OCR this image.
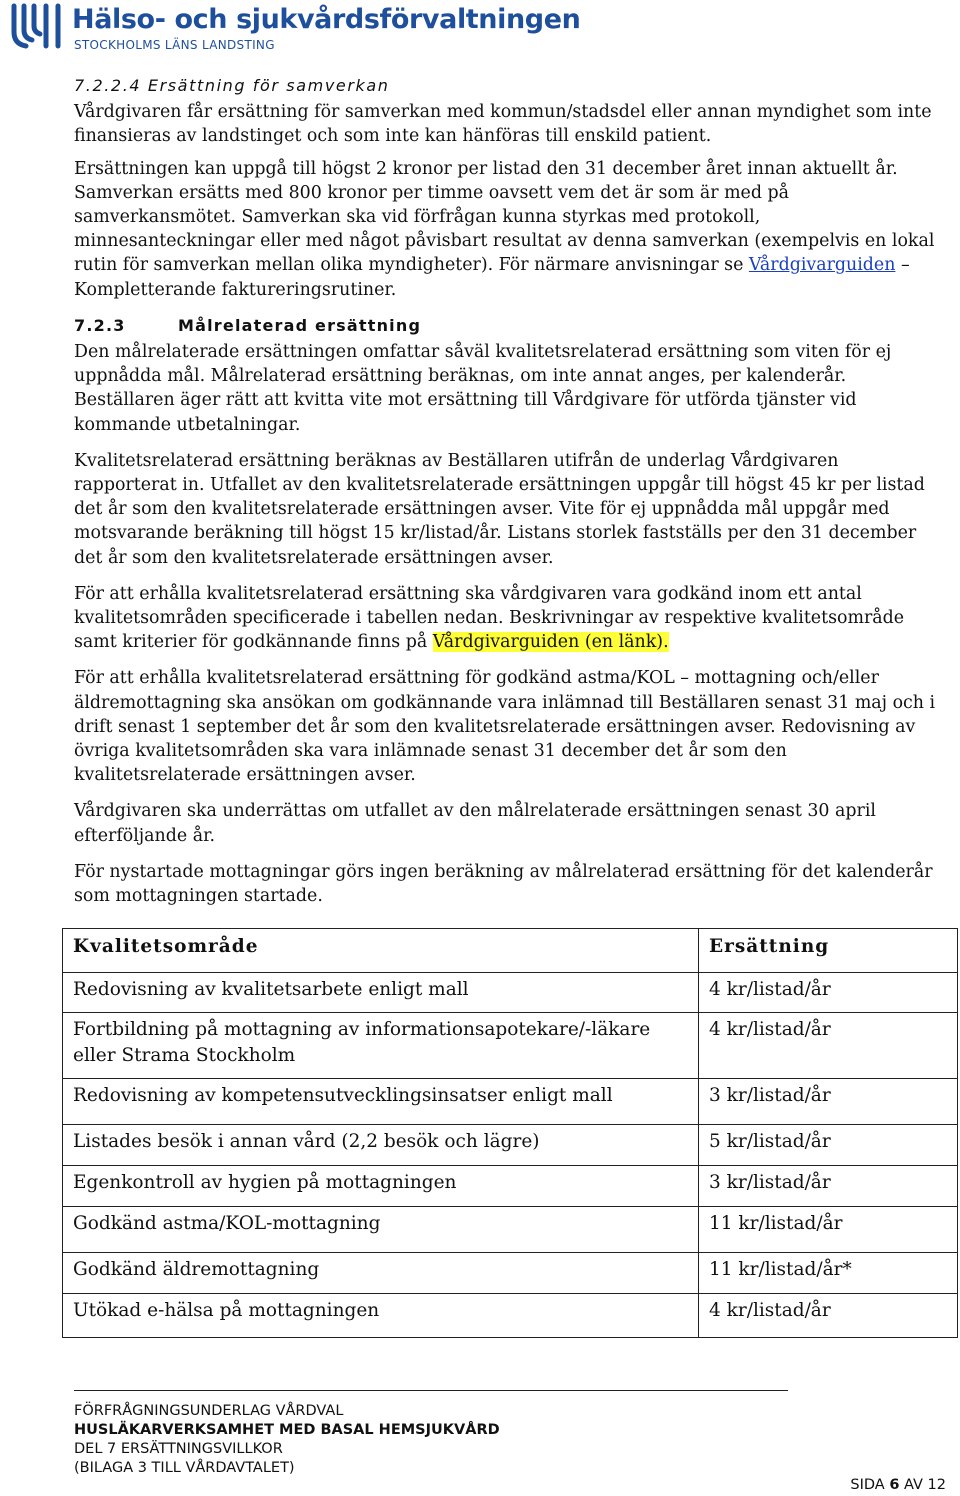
Hälso- och sjukvårdsförvaltningen
STOCKHOLMS LÄNS LANDSTING
7.2.2.4 Ersättning för samverkan

Vårdgivaren får ersättning för samverkan med kommun/stadsdel eller annan myndighet som inte finansieras av landstinget och som inte kan hänföras till enskild patient.

Ersättningen kan uppgå till högst 2 kronor per listad den 31 december året innan aktuellt år. Samverkan ersätts med 800 kronor per timme oavsett vem det är som är med på samverkansmötet. Samverkan ska vid förfrågan kunna styrkas med protokoll, minnesanteckningar eller med något påvisbart resultat av denna samverkan (exempelvis en lokal rutin för samverkan mellan olika myndigheter). För närmare anvisningar se Vårdgivarguiden – Kompletterande faktureringsrutiner.

7.2.3	Målrelaterad ersättning

Den målrelaterade ersättningen omfattar såväl kvalitetsrelaterad ersättning som viten för ej uppnådda mål. Målrelaterad ersättning beräknas, om inte annat anges, per kalenderår. Beställaren äger rätt att kvitta vite mot ersättning till Vårdgivare för utförda tjänster vid kommande utbetalningar.

Kvalitetsrelaterad ersättning beräknas av Beställaren utifrån de underlag Vårdgivaren rapporterat in. Utfallet av den kvalitetsrelaterade ersättningen uppgår till högst 45 kr per listad det år som den kvalitetsrelaterade ersättningen avser. Vite för ej uppnådda mål uppgår med motsvarande beräkning till högst 15 kr/listad/år. Listans storlek fastställs per den 31 december det år som den kvalitetsrelaterade ersättningen avser.

För att erhålla kvalitetsrelaterad ersättning ska vårdgivaren vara godkänd inom ett antal kvalitetsområden specificerade i tabellen nedan. Beskrivningar av respektive kvalitetsområde samt kriterier för godkännande finns på Vårdgivarguiden (en länk).

För att erhålla kvalitetsrelaterad ersättning för godkänd astma/KOL – mottagning och/eller äldremottagning ska ansökan om godkännande vara inlämnad till Beställaren senast 31 maj och i drift senast 1 september det år som den kvalitetsrelaterade ersättningen avser. Redovisning av övriga kvalitetsområden ska vara inlämnade senast 31 december det år som den kvalitetsrelaterade ersättningen avser.

Vårdgivaren ska underrättas om utfallet av den målrelaterade ersättningen senast 30 april efterföljande år.

För nystartade mottagningar görs ingen beräkning av målrelaterad ersättning för det kalenderår som mottagningen startade.

Kvalitetsområde	Ersättning
Redovisning av kvalitetsarbete enligt mall	4 kr/listad/år
Fortbildning på mottagning av informationsapotekare/-läkare eller Strama Stockholm	4 kr/listad/år
Redovisning av kompetensutvecklingsinsatser enligt mall	3 kr/listad/år
Listades besök i annan vård (2,2 besök och lägre)	5 kr/listad/år
Egenkontroll av hygien på mottagningen	3 kr/listad/år
Godkänd astma/KOL-mottagning	11 kr/listad/år
Godkänd äldremottagning	11 kr/listad/år*
Utökad e-hälsa på mottagningen	4 kr/listad/år
FÖRFRÅGNINGSUNDERLAG VÅRDVAL
HUSLÄKARVERKSAMHET MED BASAL HEMSJUKVÅRD
DEL 7 ERSÄTTNINGSVILLKOR
(BILAGA 3 TILL VÅRDAVTALET)
SIDA 6 AV 12
